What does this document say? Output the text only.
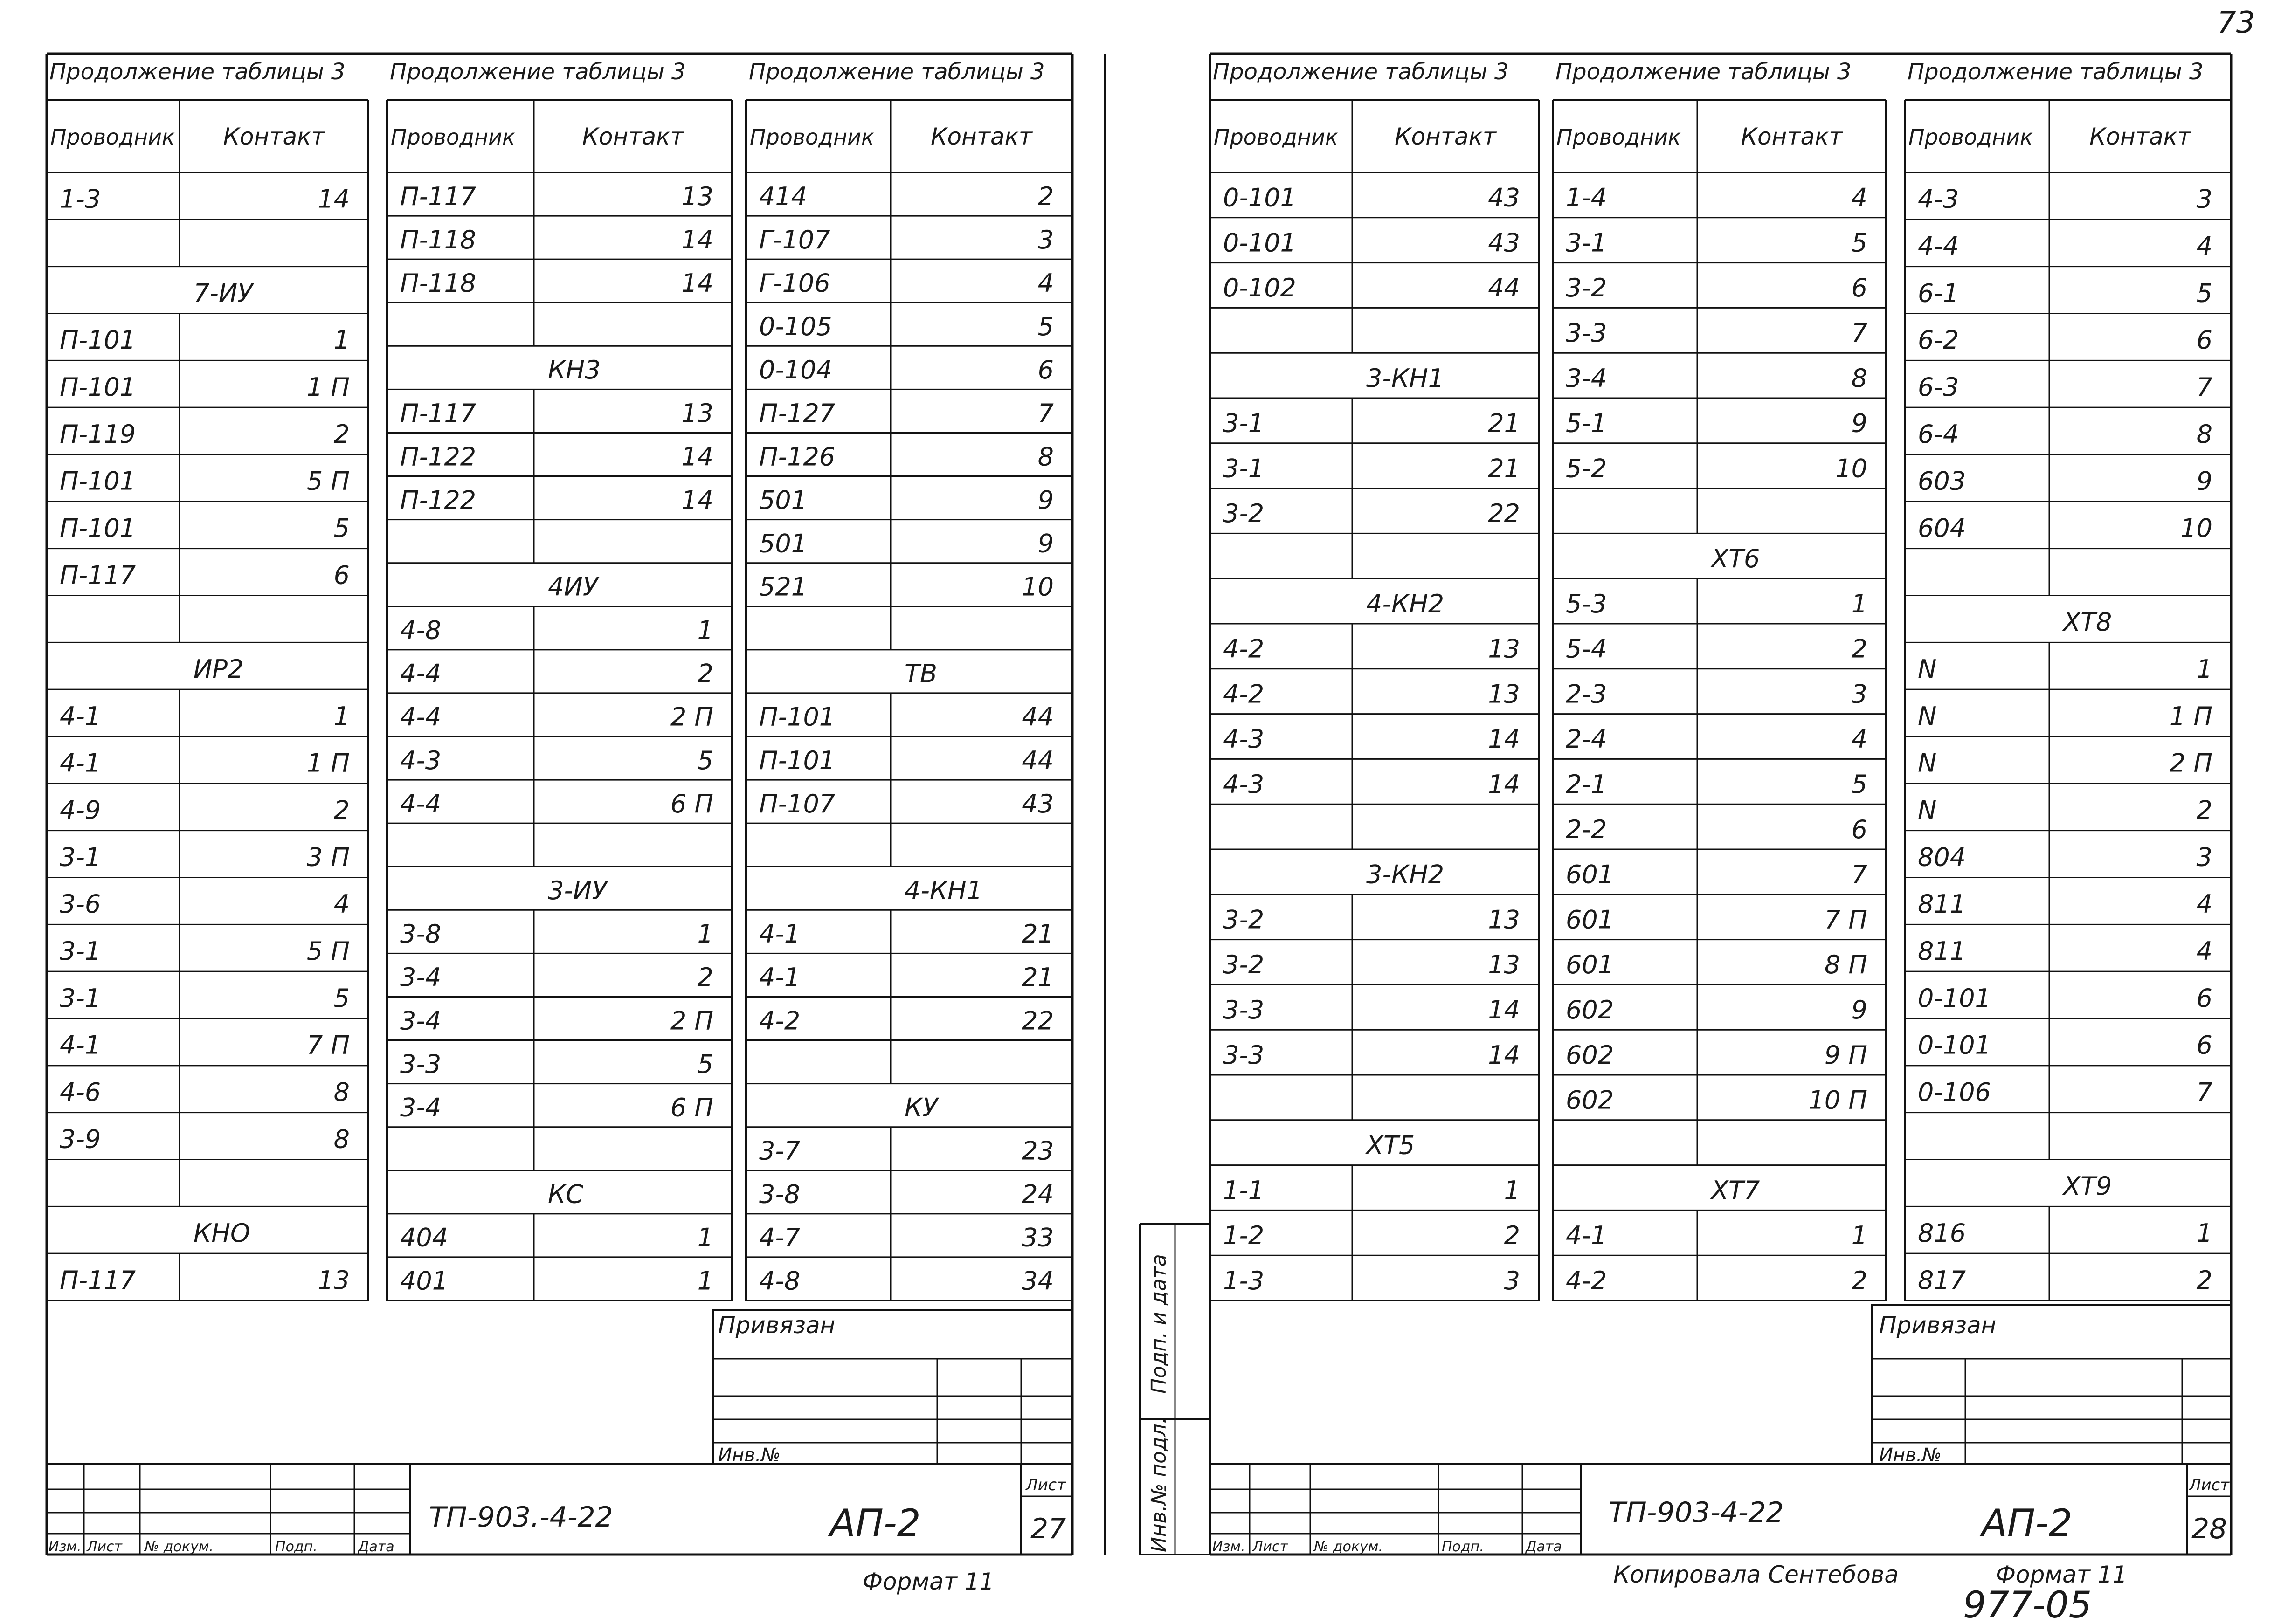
73
Подп. и дата
Инв.№ подл.
Продолжение таблицы 3
Проводник Контакт
1-3	14
7-ИУ
П-101	1
П-101	1 П
П-119	2
П-101	5 П
П-101	5
П-117	6
ИР2
4-1	1
4-1	1 П
4-9	2
3-1	3 П
3-6	4
3-1	5 П
3-1	5
4-1	7 П
4-6	8
3-9	8
КНО
П-117	13
Продолжение таблицы 3
Проводник	Контакт
П-117	13
П-118	14
П-118	14
КН3
П-117	13
П-122	14
П-122	14
4ИУ
4-8	1
4-4	2
4-4	2 П
4-3	5
4-4	6 П
3-ИУ
3-8	1
3-4	2
3-4	2 П
3-3	5
3-4	6 П
КС
404	1
401	1
Продолжение таблицы 3
Проводник Контакт
414	2
Г-107	3
Г-106	4
0-105	5
0-104	6
П-127	7
П-126	8
501	9
501	9
521	10
ТВ
П-101	44
П-101	44
П-107	43
4-КН1
4-1	21
4-1	21
4-2	22
КУ
3-7	23
3-8	24
4-7	33
4-8	34
Продолжение таблицы 3
Проводник Контакт
0-101	43
0-101	43
0-102	44
3-КН1
3-1	21
3-1	21
3-2	22
4-КН2
4-2	13
4-2	13
4-3	14
4-3	14
3-КН2
3-2	13
3-2	13
3-3	14
3-3	14
ХТ5
1-1	1
1-2	2
1-3	3
Продолжение таблицы 3
Проводник	Контакт
1-4	4
3-1	5
3-2	6
3-3	7
3-4	8
5-1	9
5-2	10
ХТ6
5-3	1
5-4	2
2-3	3
2-4	4
2-1	5
2-2	6
601	7
601	7 П
601	8 П
602	9
602	9 П
602	10 П
ХТ7
4-1	1
4-2	2
Продолжение таблицы 3
Проводник Контакт
4-3	3
4-4	4
6-1	5
6-2	6
6-3	7
6-4	8
603	9
604	10
ХТ8
N	1
N	1 П
N	2 П
N	2
804	3
811	4
811	4
0-101	6
0-101	6
0-106	7
ХТ9
816	1
817	2
Привязан
Инв.№
Изм. Лист № докум.	Подп.	Дата
ТП-903.-4-22	АП-2
Лист
27
Формат 11
Привязан
Инв.№
Изм. Лист № докум.	Подп.	Дата
ТП-903-4-22	АП-2
Лист
28
Копировала Сентебова	Формат 11
977-05
